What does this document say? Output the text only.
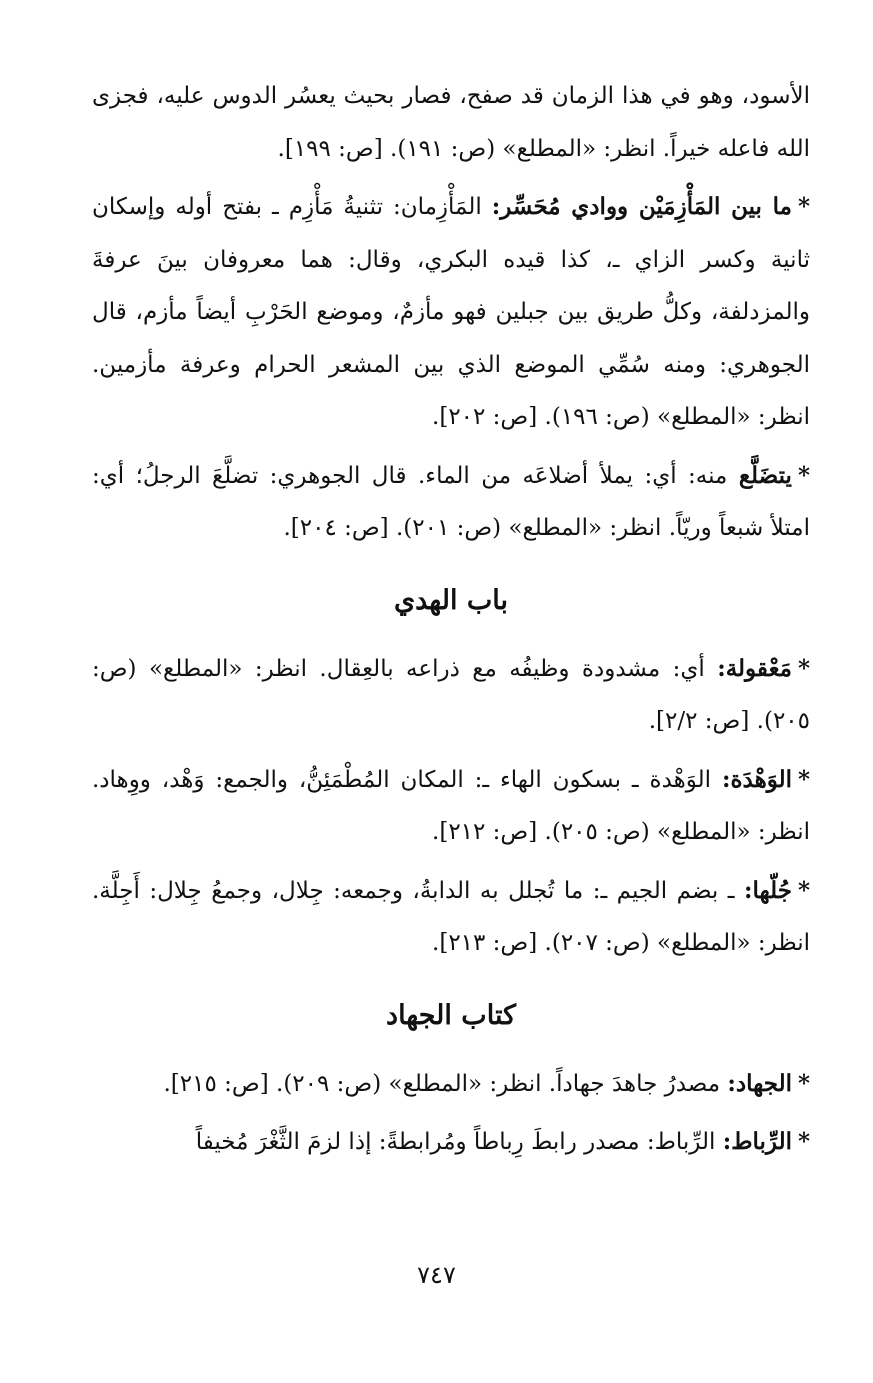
الأسود، وهو في هذا الزمان قد صفح، فصار بحيث يعسُر الدوس عليه، فجزى الله فاعله خيراً. انظر: «المطلع» (ص: ١٩١). [ص: ١٩٩].

*ما بين المَأْزِمَيْن ووادي مُحَسِّر: المَأْزِمان: تثنيةُ مَأْزِم ـ بفتح أوله وإسكان ثانية وكسر الزاي ـ، كذا قيده البكري، وقال: هما معروفان بينَ عرفةَ والمزدلفة، وكلُّ طريق بين جبلين فهو مأزمٌ، وموضع الحَرْبِ أيضاً مأزم، قال الجوهري: ومنه سُمِّي الموضع الذي بين المشعر الحرام وعرفة مأزمين. انظر: «المطلع» (ص: ١٩٦). [ص: ٢٠٢].

*يتضَلَّع منه: أي: يملأ أضلاعَه من الماء. قال الجوهري: تضلَّعَ الرجلُ؛ أي: امتلأ شبعاً وريّاً. انظر: «المطلع» (ص: ٢٠١). [ص: ٢٠٤].

باب الهدي

*مَعْقولة: أي: مشدودة وظيفُه مع ذراعه بالعِقال. انظر: «المطلع» (ص: ٢٠٥). [ص: ٢/٢].

*الوَهْدَة: الوَهْدة ـ بسكون الهاء ـ: المكان المُطْمَئِنُّ، والجمع: وَهْد، ووِهاد. انظر: «المطلع» (ص: ٢٠٥). [ص: ٢١٢].

*جُلّها: ـ بضم الجيم ـ: ما تُجلل به الدابةُ، وجمعه: جِلال، وجمعُ جِلال: أَجِلَّة. انظر: «المطلع» (ص: ٢٠٧). [ص: ٢١٣].

كتاب الجهاد

*الجهاد: مصدرُ جاهدَ جهاداً. انظر: «المطلع» (ص: ٢٠٩). [ص: ٢١٥].

*الرِّباط: الرِّباط: مصدر رابطَ رِباطاً ومُرابطةً: إذا لزمَ الثَّغْرَ مُخيفاً

٧٤٧
